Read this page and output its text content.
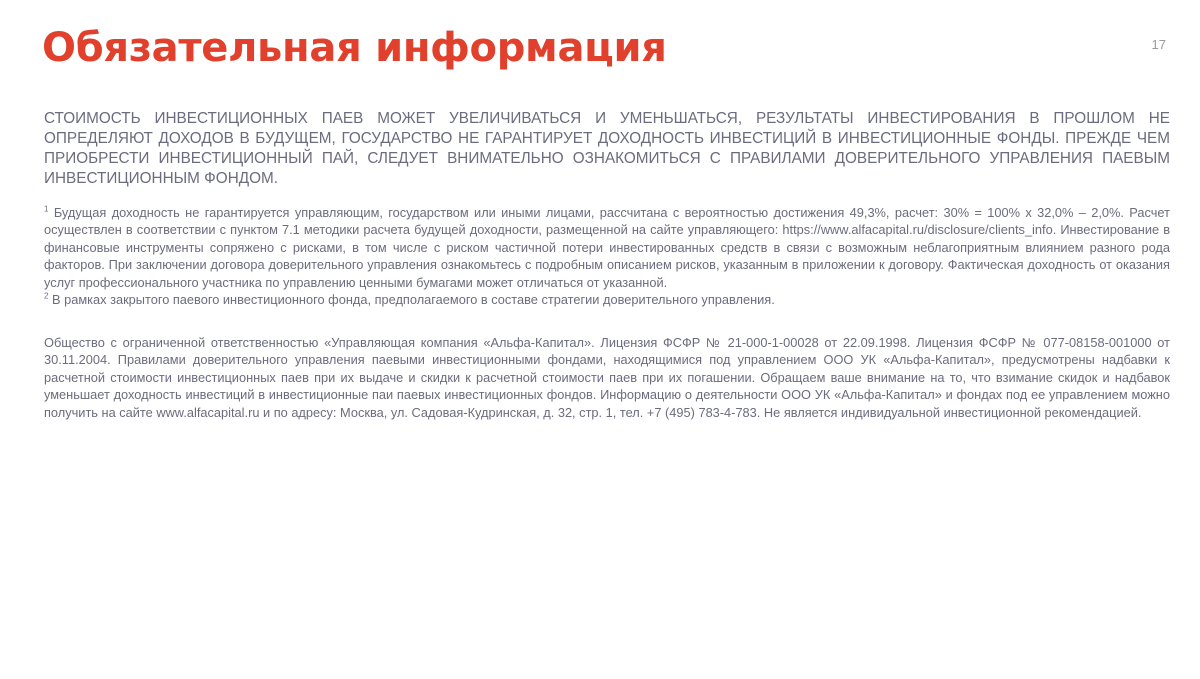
Обязательная информация	17

СТОИМОСТЬ ИНВЕСТИЦИОННЫХ ПАЕВ МОЖЕТ УВЕЛИЧИВАТЬСЯ И УМЕНЬШАТЬСЯ, РЕЗУЛЬТАТЫ ИНВЕСТИРОВАНИЯ В ПРОШЛОМ НЕ ОПРЕДЕЛЯЮТ ДОХОДОВ В БУДУЩЕМ, ГОСУДАРСТВО НЕ ГАРАНТИРУЕТ ДОХОДНОСТЬ ИНВЕСТИЦИЙ В ИНВЕСТИЦИОННЫЕ ФОНДЫ. ПРЕЖДЕ ЧЕМ ПРИОБРЕСТИ ИНВЕСТИЦИОННЫЙ ПАЙ, СЛЕДУЕТ ВНИМАТЕЛЬНО ОЗНАКОМИТЬСЯ С ПРАВИЛАМИ ДОВЕРИТЕЛЬНОГО УПРАВЛЕНИЯ ПАЕВЫМ ИНВЕСТИЦИОННЫМ ФОНДОМ.

$^1$ Будущая доходность не гарантируется управляющим, государством или иными лицами, рассчитана с вероятностью достижения 49,3%, расчет: 30% = 100% x 32,0% – 2,0%. Расчет осуществлен в соответствии с пунктом 7.1 методики расчета будущей доходности, размещенной на сайте управляющего: https://www.alfacapital.ru/disclosure/clients_info. Инвестирование в финансовые инструменты сопряжено с рисками, в том числе с риском частичной потери инвестированных средств в связи с возможным неблагоприятным влиянием разного рода факторов. При заключении договора доверительного управления ознакомьтесь с подробным описанием рисков, указанным в приложении к договору. Фактическая доходность от оказания услуг профессионального участника по управлению ценными бумагами может отличаться от указанной.

$^2$ В рамках закрытого паевого инвестиционного фонда, предполагаемого в составе стратегии доверительного управления.

Общество с ограниченной ответственностью «Управляющая компания «Альфа-Капитал». Лицензия ФСФР № 21-000-1-00028 от 22.09.1998. Лицензия ФСФР № 077-08158-001000 от 30.11.2004. Правилами доверительного управления паевыми инвестиционными фондами, находящимися под управлением ООО УК «Альфа-Капитал», предусмотрены надбавки к расчетной стоимости инвестиционных паев при их выдаче и скидки к расчетной стоимости паев при их погашении. Обращаем ваше внимание на то, что взимание скидок и надбавок уменьшает доходность инвестиций в инвестиционные паи паевых инвестиционных фондов. Информацию о деятельности ООО УК «Альфа-Капитал» и фондах под ее управлением можно получить на сайте www.alfacapital.ru и по адресу: Москва, ул. Садовая-Кудринская, д. 32, стр. 1, тел. +7 (495) 783-4-783. Не является индивидуальной инвестиционной рекомендацией.
